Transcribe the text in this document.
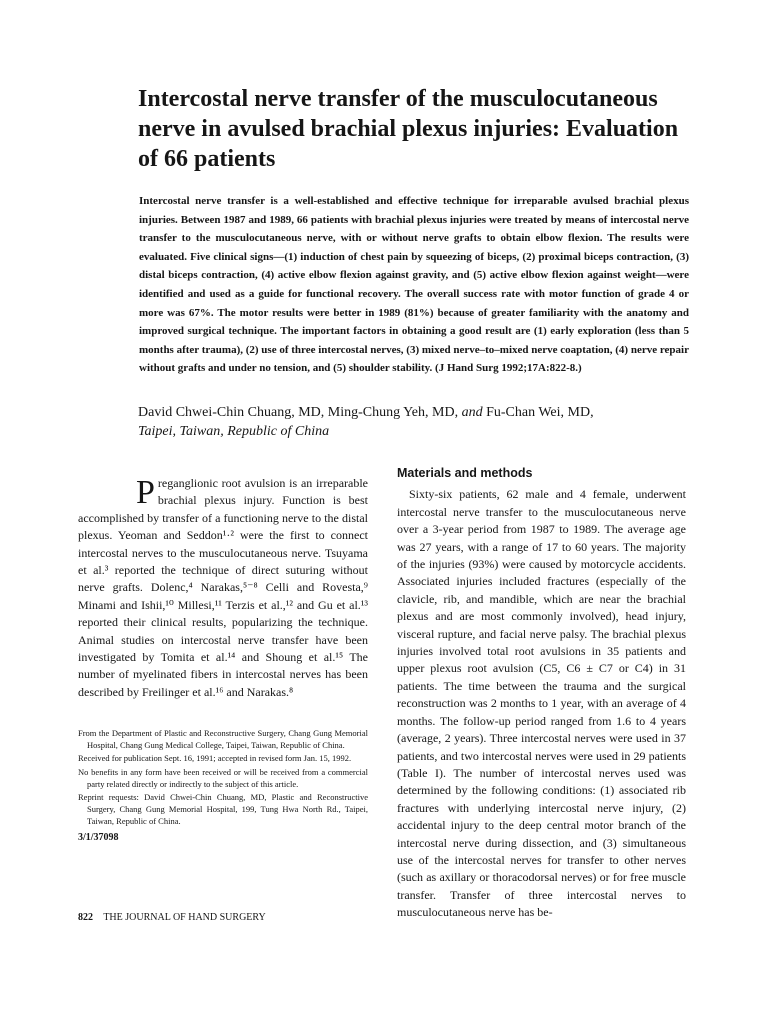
Intercostal nerve transfer of the musculocutaneous nerve in avulsed brachial plexus injuries: Evaluation of 66 patients

Intercostal nerve transfer is a well-established and effective technique for irreparable avulsed brachial plexus injuries. Between 1987 and 1989, 66 patients with brachial plexus injuries were treated by means of intercostal nerve transfer to the musculocutaneous nerve, with or without nerve grafts to obtain elbow flexion. The results were evaluated. Five clinical signs—(1) induction of chest pain by squeezing of biceps, (2) proximal biceps contraction, (3) distal biceps contraction, (4) active elbow flexion against gravity, and (5) active elbow flexion against weight—were identified and used as a guide for functional recovery. The overall success rate with motor function of grade 4 or more was 67%. The motor results were better in 1989 (81%) because of greater familiarity with the anatomy and improved surgical technique. The important factors in obtaining a good result are (1) early exploration (less than 5 months after trauma), (2) use of three intercostal nerves, (3) mixed nerve–to–mixed nerve coaptation, (4) nerve repair without grafts and under no tension, and (5) shoulder stability. (J Hand Surg 1992;17A:822-8.)

David Chwei-Chin Chuang, MD, Ming-Chung Yeh, MD, and Fu-Chan Wei, MD,
Taipei, Taiwan, Republic of China

Preganglionic root avulsion is an irreparable brachial plexus injury. Function is best accomplished by transfer of a functioning nerve to the distal plexus. Yeoman and Seddon¹·² were the first to connect intercostal nerves to the musculocutaneous nerve. Tsuyama et al.³ reported the technique of direct suturing without nerve grafts. Dolenc,⁴ Narakas,⁵⁻⁸ Celli and Rovesta,⁹ Minami and Ishii,¹⁰ Millesi,¹¹ Terzis et al.,¹² and Gu et al.¹³ reported their clinical results, popularizing the technique. Animal studies on intercostal nerve transfer have been investigated by Tomita et al.¹⁴ and Shoung et al.¹⁵ The number of myelinated fibers in intercostal nerves has been described by Freilinger et al.¹⁶ and Narakas.⁸

From the Department of Plastic and Reconstructive Surgery, Chang Gung Memorial Hospital, Chang Gung Medical College, Taipei, Taiwan, Republic of China.

Received for publication Sept. 16, 1991; accepted in revised form Jan. 15, 1992.

No benefits in any form have been received or will be received from a commercial party related directly or indirectly to the subject of this article.

Reprint requests: David Chwei-Chin Chuang, MD, Plastic and Reconstructive Surgery, Chang Gung Memorial Hospital, 199, Tung Hwa North Rd., Taipei, Taiwan, Republic of China.

3/1/37098

Materials and methods

Sixty-six patients, 62 male and 4 female, underwent intercostal nerve transfer to the musculocutaneous nerve over a 3-year period from 1987 to 1989. The average age was 27 years, with a range of 17 to 60 years. The majority of the injuries (93%) were caused by motorcycle accidents. Associated injuries included fractures (especially of the clavicle, rib, and mandible, which are near the brachial plexus and are most commonly involved), head injury, visceral rupture, and facial nerve palsy. The brachial plexus injuries involved total root avulsions in 35 patients and upper plexus root avulsion (C5, C6 ± C7 or C4) in 31 patients. The time between the trauma and the surgical reconstruction was 2 months to 1 year, with an average of 4 months. The follow-up period ranged from 1.6 to 4 years (average, 2 years). Three intercostal nerves were used in 37 patients, and two intercostal nerves were used in 29 patients (Table I). The number of intercostal nerves used was determined by the following conditions: (1) associated rib fractures with underlying intercostal nerve injury, (2) accidental injury to the deep central motor branch of the intercostal nerve during dissection, and (3) simultaneous use of the intercostal nerves for transfer to other nerves (such as axillary or thoracodorsal nerves) or for free muscle transfer. Transfer of three intercostal nerves to musculocutaneous nerve has be-

822 THE JOURNAL OF HAND SURGERY
